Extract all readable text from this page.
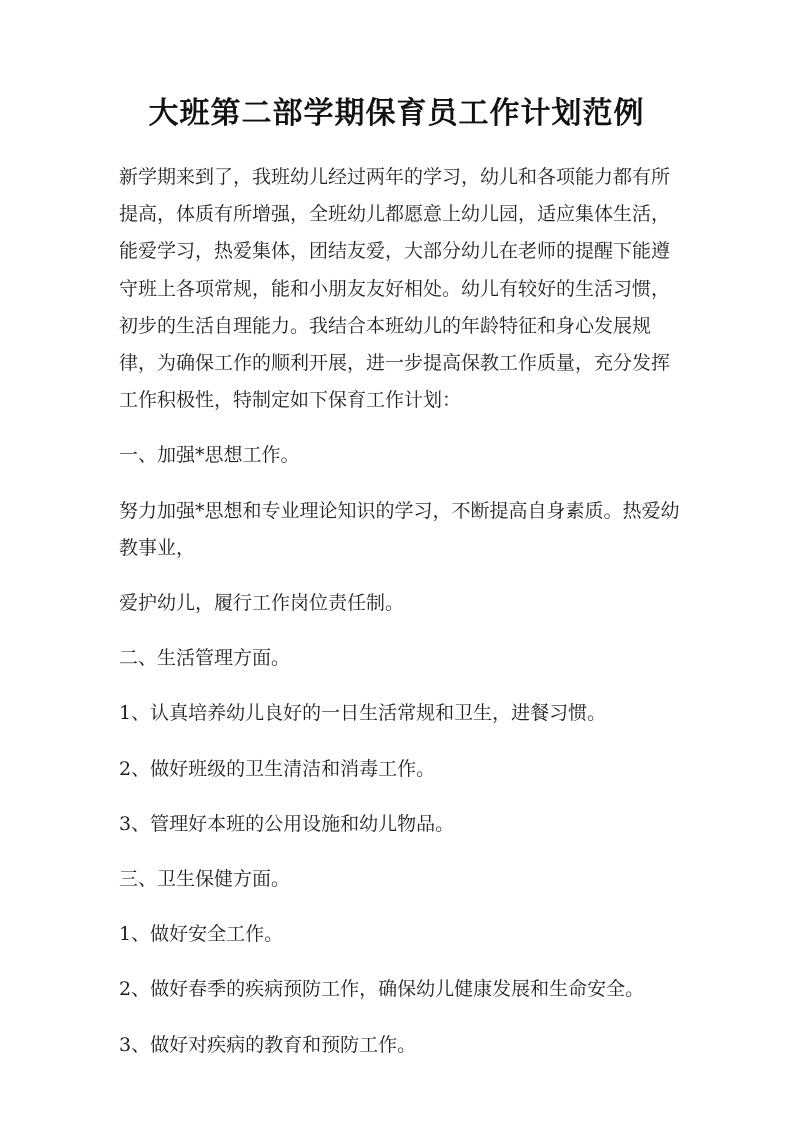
大班第二部学期保育员工作计划范例

新学期来到了，我班幼儿经过两年的学习，幼儿和各项能力都有所提高，体质有所增强，全班幼儿都愿意上幼儿园，适应集体生活，能爱学习，热爱集体，团结友爱，大部分幼儿在老师的提醒下能遵守班上各项常规，能和小朋友友好相处。幼儿有较好的生活习惯，初步的生活自理能力。我结合本班幼儿的年龄特征和身心发展规律，为确保工作的顺利开展，进一步提高保教工作质量，充分发挥工作积极性，特制定如下保育工作计划：

一、加强*思想工作。

努力加强*思想和专业理论知识的学习，不断提高自身素质。热爱幼教事业，

爱护幼儿，履行工作岗位责任制。

二、生活管理方面。

1、认真培养幼儿良好的一日生活常规和卫生，进餐习惯。

2、做好班级的卫生清洁和消毒工作。

3、管理好本班的公用设施和幼儿物品。

三、卫生保健方面。

1、做好安全工作。

2、做好春季的疾病预防工作，确保幼儿健康发展和生命安全。

3、做好对疾病的教育和预防工作。
